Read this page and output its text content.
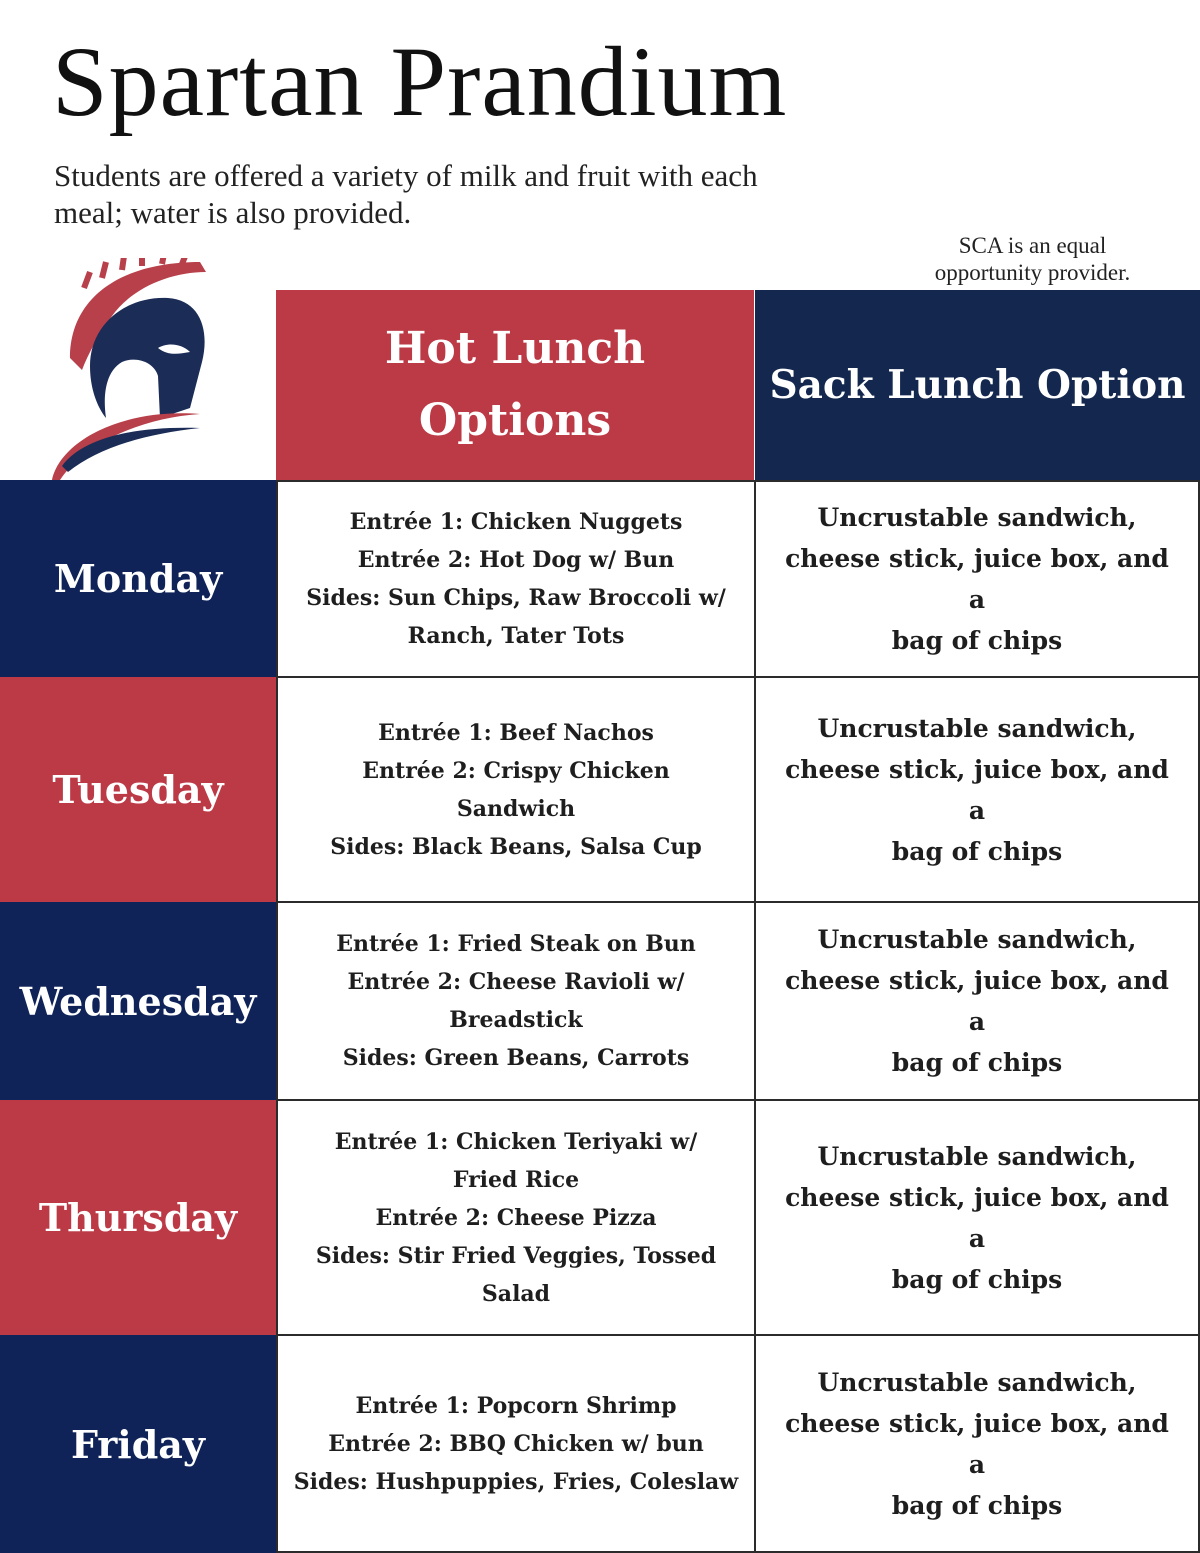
Spartan Prandium
Students are offered a variety of milk and fruit with each meal; water is also provided.
SCA is an equal
opportunity provider.
Hot Lunch
Options
Sack Lunch Option
Monday
Entrée 1: Chicken Nuggets
Entrée 2: Hot Dog w/ Bun
Sides: Sun Chips, Raw Broccoli w/
Ranch, Tater Tots
Uncrustable sandwich,
cheese stick, juice box, and a
bag of chips
Tuesday
Entrée 1: Beef Nachos
Entrée 2: Crispy Chicken
Sandwich
Sides: Black Beans, Salsa Cup
Uncrustable sandwich,
cheese stick, juice box, and a
bag of chips
Wednesday
Entrée 1: Fried Steak on Bun
Entrée 2: Cheese Ravioli w/
Breadstick
Sides: Green Beans, Carrots
Uncrustable sandwich,
cheese stick, juice box, and a
bag of chips
Thursday
Entrée 1: Chicken Teriyaki w/
Fried Rice
Entrée 2: Cheese Pizza
Sides: Stir Fried Veggies, Tossed
Salad
Uncrustable sandwich,
cheese stick, juice box, and a
bag of chips
Friday
Entrée 1: Popcorn Shrimp
Entrée 2: BBQ Chicken w/ bun
Sides: Hushpuppies, Fries, Coleslaw
Uncrustable sandwich,
cheese stick, juice box, and a
bag of chips
